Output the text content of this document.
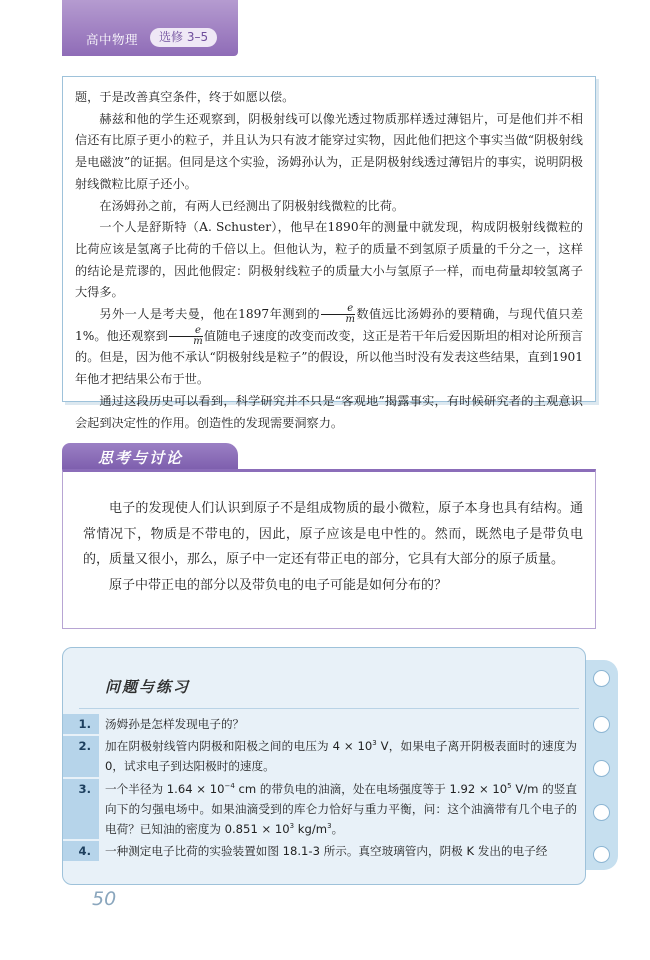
高中物理	选修 3–5

题，于是改善真空条件，终于如愿以偿。

赫兹和他的学生还观察到，阴极射线可以像光透过物质那样透过薄铝片，可是他们并不相信还有比原子更小的粒子，并且认为只有波才能穿过实物，因此他们把这个事实当做“阴极射线是电磁波”的证据。但同是这个实验，汤姆孙认为，正是阴极射线透过薄铝片的事实，说明阴极射线微粒比原子还小。

在汤姆孙之前，有两人已经测出了阴极射线微粒的比荷。

一个人是舒斯特（A. Schuster），他早在1890年的测量中就发现，构成阴极射线微粒的比荷应该是氢离子比荷的千倍以上。但他认为，粒子的质量不到氢原子质量的千分之一，这样的结论是荒谬的，因此他假定：阴极射线粒子的质量大小与氢原子一样，而电荷量却较氢离子大得多。

另外一人是考夫曼，他在1897年测到的 $\frac{e}{m}$ 数值远比汤姆孙的要精确，与现代值只差 1%。他还观察到 $\frac{e}{m}$ 值随电子速度的改变而改变，这正是若干年后爱因斯坦的相对论所预言的。但是，因为他不承认“阴极射线是粒子”的假设，所以他当时没有发表这些结果，直到1901年他才把结果公布于世。

通过这段历史可以看到，科学研究并不只是“客观地”揭露事实，有时候研究者的主观意识会起到决定性的作用。创造性的发现需要洞察力。

思考与讨论

电子的发现使人们认识到原子不是组成物质的最小微粒，原子本身也具有结构。通常情况下，物质是不带电的，因此，原子应该是电中性的。然而，既然电子是带负电的，质量又很小，那么，原子中一定还有带正电的部分，它具有大部分的原子质量。

原子中带正电的部分以及带负电的电子可能是如何分布的？

问题与练习
1.	汤姆孙是怎样发现电子的？
2.	加在阴极射线管内阴极和阳极之间的电压为 $4 \times 10^3$ V，如果电子离开阴极表面时的速度为 0，试求电子到达阳极时的速度。
3.	一个半径为 $1.64 \times 10^{-4}$ cm 的带负电的油滴，处在电场强度等于 $1.92 \times 10^5$ V/m 的竖直向下的匀强电场中。如果油滴受到的库仑力恰好与重力平衡，问：这个油滴带有几个电子的电荷？已知油的密度为 $0.851 \times 10^3$ $kg/m^3$。
4.	一种测定电子比荷的实验装置如图 18.1-3 所示。真空玻璃管内，阴极 K 发出的电子经
50
